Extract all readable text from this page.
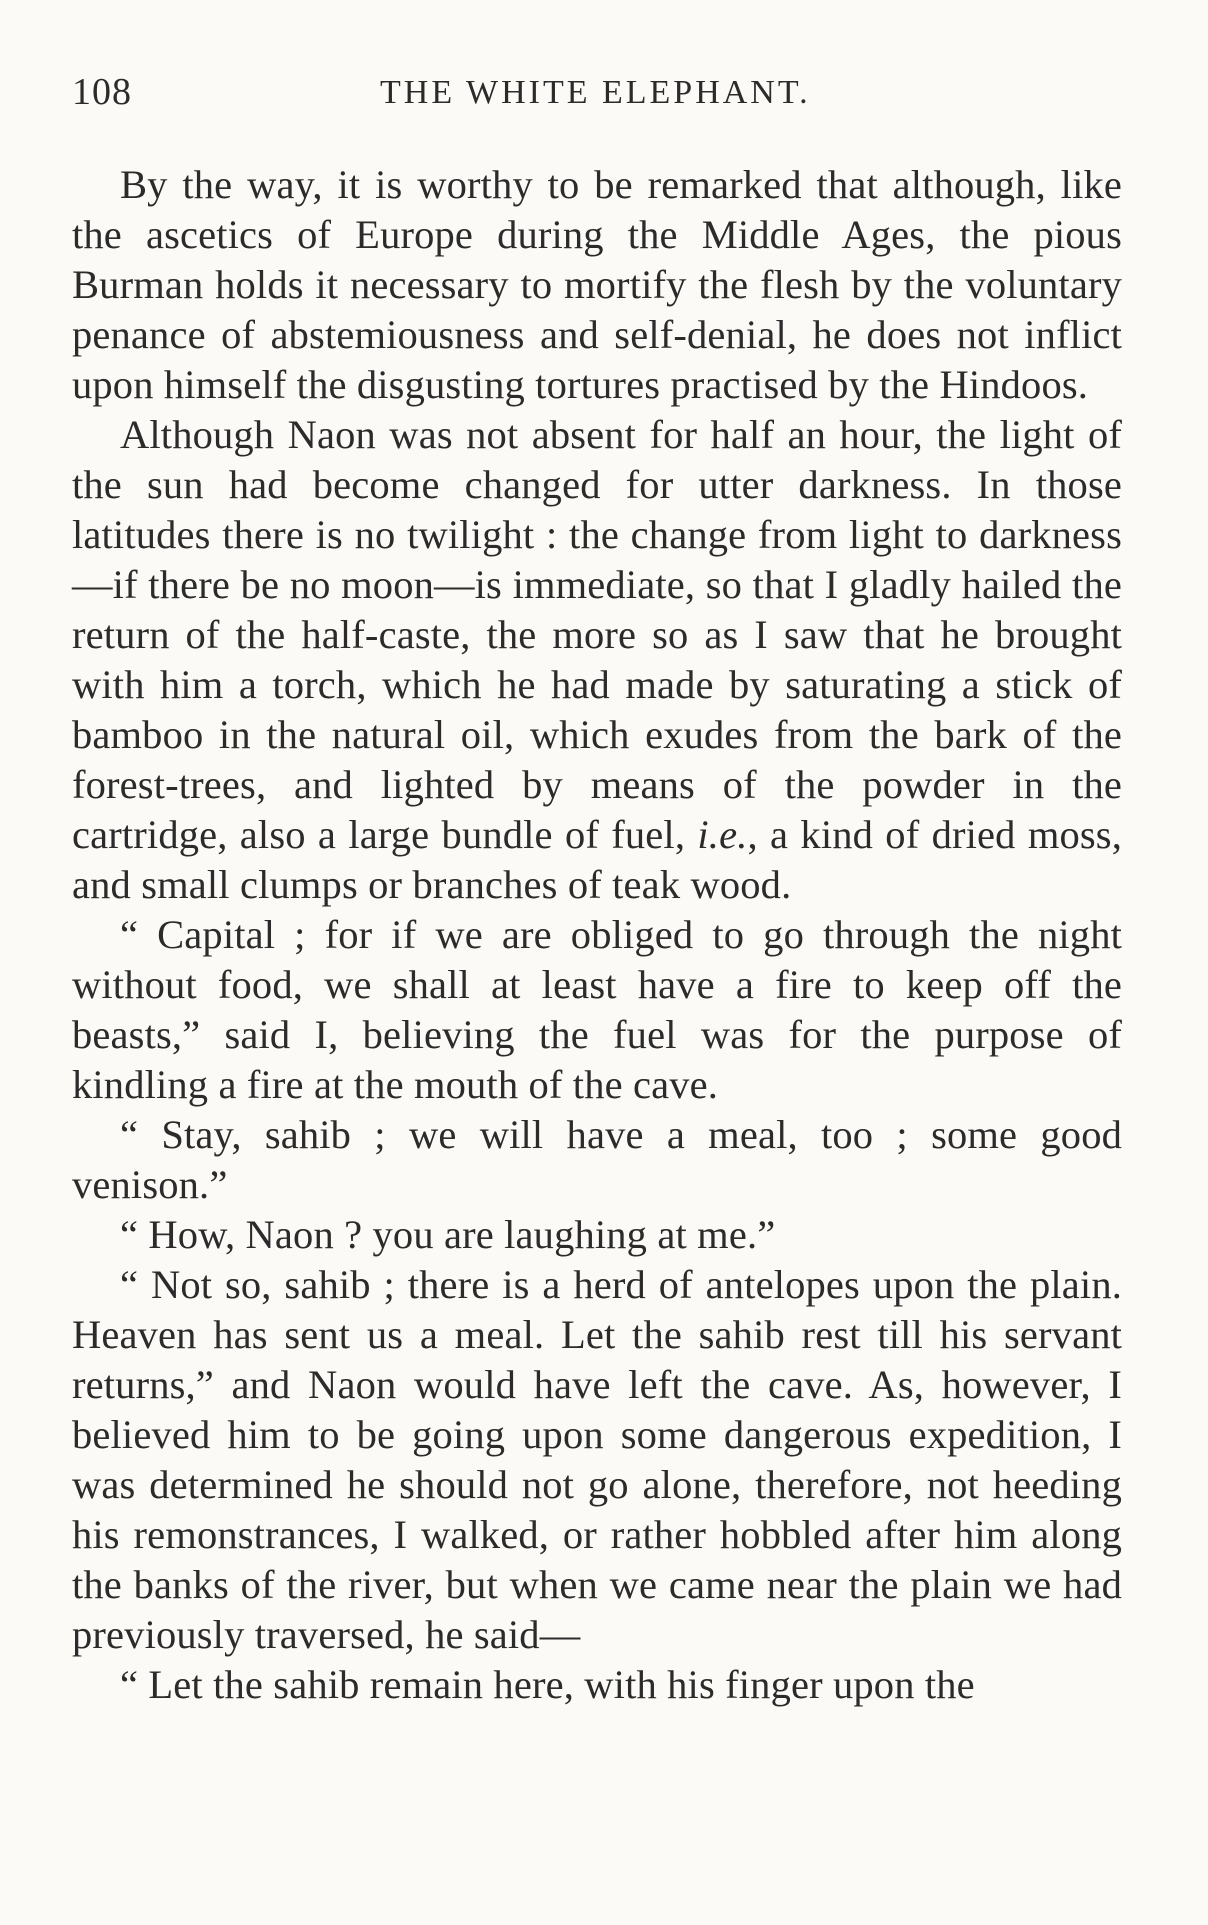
108	THE WHITE ELEPHANT.

By the way, it is worthy to be remarked that although, like the ascetics of Europe during the Middle Ages, the pious Burman holds it necessary to mortify the flesh by the voluntary penance of abstemiousness and self-denial, he does not inflict upon himself the disgusting tortures practised by the Hindoos.

Although Naon was not absent for half an hour, the light of the sun had become changed for utter darkness. In those latitudes there is no twilight : the change from light to darkness—if there be no moon—is immediate, so that I gladly hailed the return of the half-caste, the more so as I saw that he brought with him a torch, which he had made by saturating a stick of bamboo in the natural oil, which exudes from the bark of the forest-trees, and lighted by means of the powder in the cartridge, also a large bundle of fuel, i.e., a kind of dried moss, and small clumps or branches of teak wood.

“ Capital ; for if we are obliged to go through the night without food, we shall at least have a fire to keep off the beasts,” said I, believing the fuel was for the purpose of kindling a fire at the mouth of the cave.

“ Stay, sahib ; we will have a meal, too ; some good venison.”

“ How, Naon ? you are laughing at me.”

“ Not so, sahib ; there is a herd of antelopes upon the plain. Heaven has sent us a meal. Let the sahib rest till his servant returns,” and Naon would have left the cave. As, however, I believed him to be going upon some dangerous expedition, I was determined he should not go alone, therefore, not heeding his remonstrances, I walked, or rather hobbled after him along the banks of the river, but when we came near the plain we had previously traversed, he said—

“ Let the sahib remain here, with his finger upon the
